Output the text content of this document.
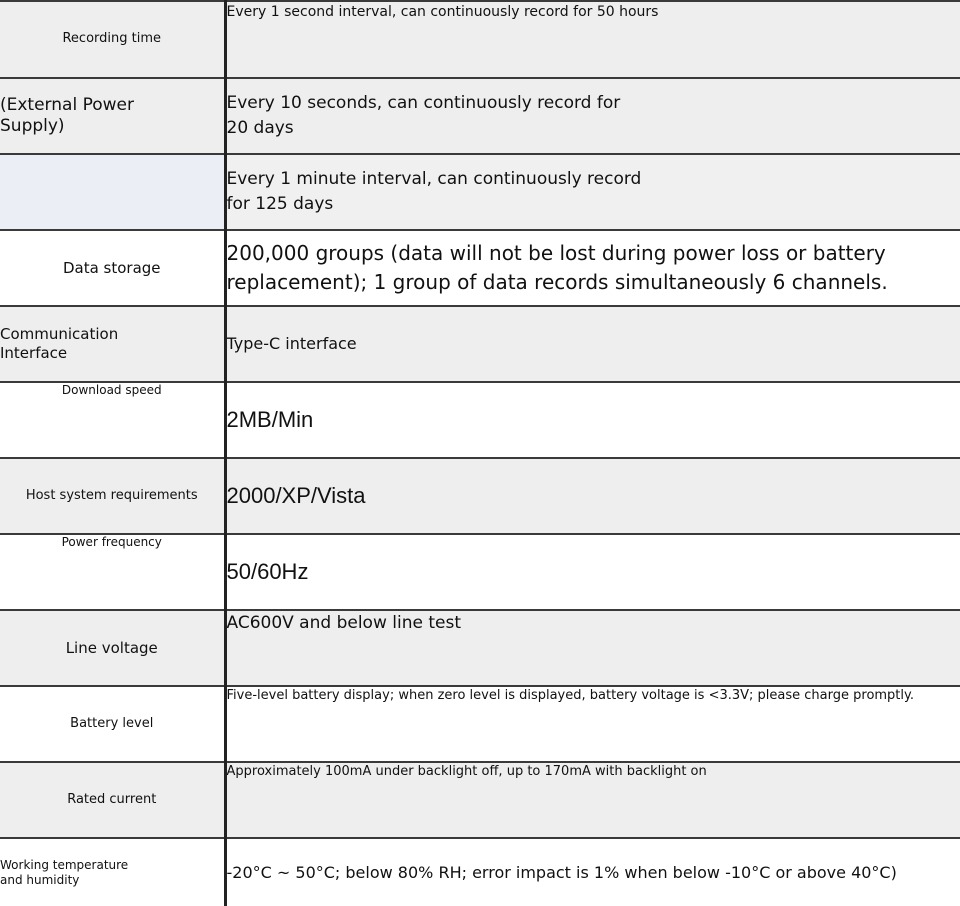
Recording time	Every 1 second interval, can continuously record for 50 hours

(External Power Supply)	Every 10 seconds, can continuously record for 20 days

	Every 1 minute interval, can continuously record for 125 days

Data storage	200,000 groups (data will not be lost during power loss or battery replacement); 1 group of data records simultaneously 6 channels.

Communication Interface	Type-C interface
Download speed	2MB/Min
Host system requirements	2000/XP/Vista
Power frequency	50/60Hz
Line voltage	AC600V and below line test
Battery level	Five-level battery display; when zero level is displayed, battery voltage is <3.3V; please charge promptly.
Rated current	Approximately 100mA under backlight off, up to 170mA with backlight on

Working temperature and humidity	-20°C ~ 50°C; below 80% RH; error impact is 1% when below -10°C or above 40°C)
